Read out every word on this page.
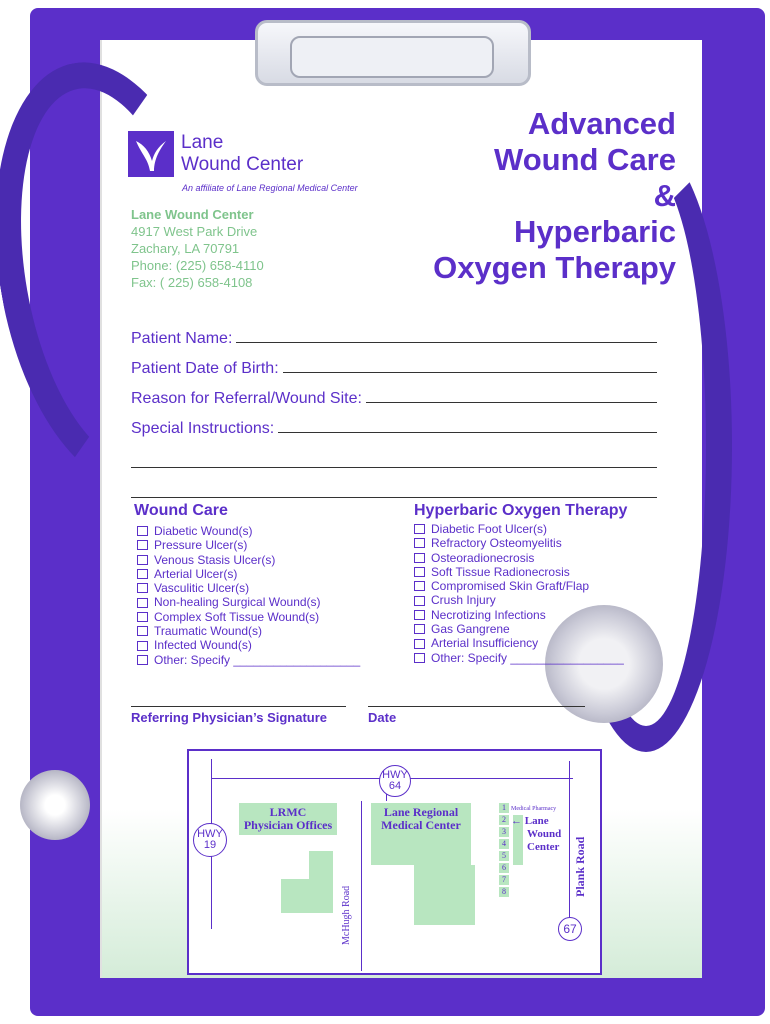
Lane
Wound Center
An affiliate of Lane Regional Medical Center
Lane Wound Center
4917 West Park Drive
Zachary, LA 70791
Phone: (225) 658-4110
Fax: ( 225) 658-4108
Advanced
Wound Care
&
Hyperbaric
Oxygen Therapy
Patient Name:
Patient Date of Birth:
Reason for Referral/Wound Site:
Special Instructions:
Wound Care
Diabetic Wound(s)
Pressure Ulcer(s)
Venous Stasis Ulcer(s)
Arterial Ulcer(s)
Vasculitic Ulcer(s)
Non-healing Surgical Wound(s)
Complex Soft Tissue Wound(s)
Traumatic Wound(s)
Infected Wound(s)
Other: Specify ___________________
Hyperbaric Oxygen Therapy
Diabetic Foot Ulcer(s)
Refractory Osteomyelitis
Osteoradionecrosis
Soft Tissue Radionecrosis
Compromised Skin Graft/Flap
Crush Injury
Necrotizing Infections
Gas Gangrene
Arterial Insufficiency
Other: Specify _________________
Referring Physician’s Signature	Date
LRMC
Physician Offices
Lane Regional
Medical Center
1
2
3
4
5
6
7
8
Medical Pharmacy
← Lane
Wound
Center Plank Road
McHugh Road
HWY
64
HWY
19
67
